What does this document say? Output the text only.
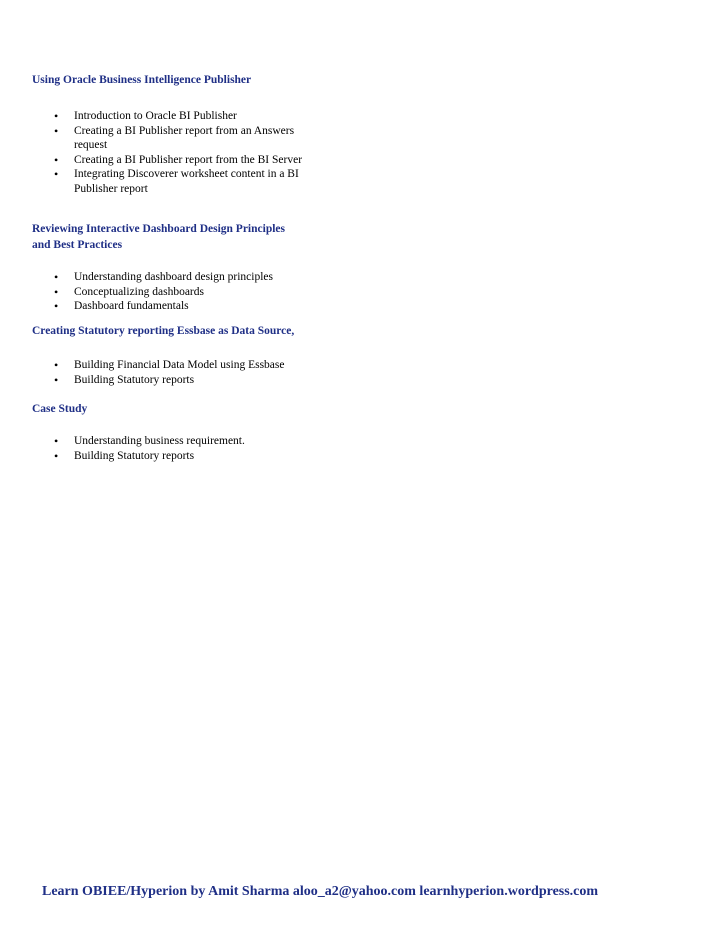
Using Oracle Business Intelligence Publisher

• Introduction to Oracle BI Publisher
• Creating a BI Publisher report from an Answers request
• Creating a BI Publisher report from the BI Server
• Integrating Discoverer worksheet content in a BI Publisher report

Reviewing Interactive Dashboard Design Principles and Best Practices

• Understanding dashboard design principles
• Conceptualizing dashboards
• Dashboard fundamentals

Creating Statutory reporting Essbase as Data Source,

• Building Financial Data Model using Essbase
• Building Statutory reports

Case Study

• Understanding business requirement.
• Building Statutory reports
Learn OBIEE/Hyperion by Amit Sharma aloo_a2@yahoo.com learnhyperion.wordpress.com
